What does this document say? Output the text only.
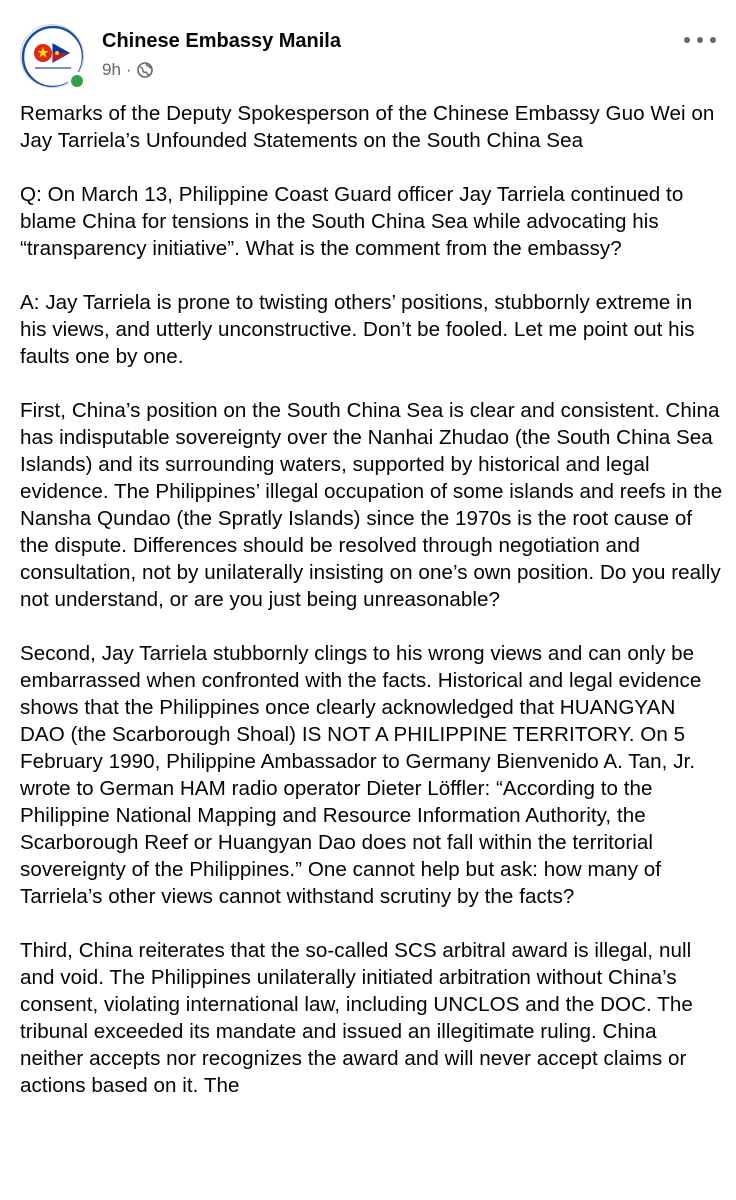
Chinese Embassy Manila
9h ·

Remarks of the Deputy Spokesperson of the Chinese Embassy Guo Wei on Jay Tarriela’s Unfounded Statements on the South China Sea

Q: On March 13, Philippine Coast Guard officer Jay Tarriela continued to blame China for tensions in the South China Sea while advocating his “transparency initiative”. What is the comment from the embassy?

A: Jay Tarriela is prone to twisting others’ positions, stubbornly extreme in his views, and utterly unconstructive. Don’t be fooled. Let me point out his faults one by one.

First, China’s position on the South China Sea is clear and consistent. China has indisputable sovereignty over the Nanhai Zhudao (the South China Sea Islands) and its surrounding waters, supported by historical and legal evidence. The Philippines’ illegal occupation of some islands and reefs in the Nansha Qundao (the Spratly Islands) since the 1970s is the root cause of the dispute. Differences should be resolved through negotiation and consultation, not by unilaterally insisting on one’s own position. Do you really not understand, or are you just being unreasonable?

Second, Jay Tarriela stubbornly clings to his wrong views and can only be embarrassed when confronted with the facts. Historical and legal evidence shows that the Philippines once clearly acknowledged that HUANGYAN DAO (the Scarborough Shoal) IS NOT A PHILIPPINE TERRITORY. On 5 February 1990, Philippine Ambassador to Germany Bienvenido A. Tan, Jr. wrote to German HAM radio operator Dieter Löffler: “According to the Philippine National Mapping and Resource Information Authority, the Scarborough Reef or Huangyan Dao does not fall within the territorial sovereignty of the Philippines.” One cannot help but ask: how many of Tarriela’s other views cannot withstand scrutiny by the facts?

Third, China reiterates that the so-called SCS arbitral award is illegal, null and void. The Philippines unilaterally initiated arbitration without China’s consent, violating international law, including UNCLOS and the DOC. The tribunal exceeded its mandate and issued an illegitimate ruling. China neither accepts nor recognizes the award and will never accept claims or actions based on it. The
